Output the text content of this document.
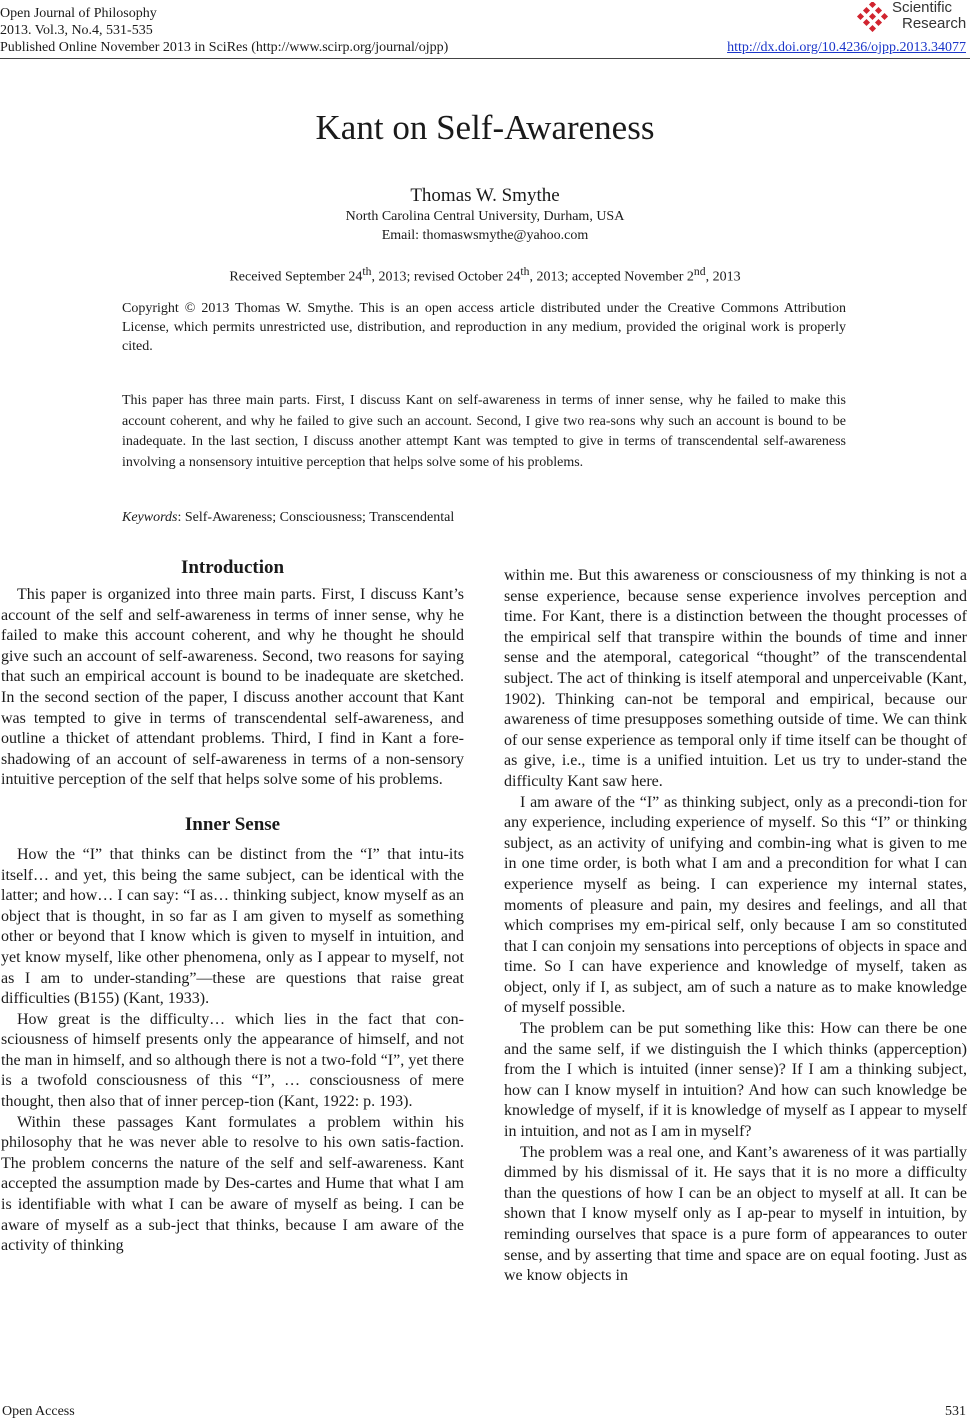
Open Journal of Philosophy
2013. Vol.3, No.4, 531-535
Published Online November 2013 in SciRes (http://www.scirp.org/journal/ojpp)
Scientific
Research
http://dx.doi.org/10.4236/ojpp.2013.34077
Kant on Self-Awareness
Thomas W. Smythe
North Carolina Central University, Durham, USA
Email: thomaswsmythe@yahoo.com
Received September 24th, 2013; revised October 24th, 2013; accepted November 2nd, 2013
Copyright © 2013 Thomas W. Smythe. This is an open access article distributed under the Creative Commons Attribution License, which permits unrestricted use, distribution, and reproduction in any medium, provided the original work is properly cited.
This paper has three main parts. First, I discuss Kant on self-awareness in terms of inner sense, why he failed to make this account coherent, and why he failed to give such an account. Second, I give two rea-sons why such an account is bound to be inadequate. In the last section, I discuss another attempt Kant was tempted to give in terms of transcendental self-awareness involving a nonsensory intuitive perception that helps solve some of his problems.
Keywords: Self-Awareness; Consciousness; Transcendental
Introduction

This paper is organized into three main parts. First, I discuss Kant’s account of the self and self-awareness in terms of inner sense, why he failed to make this account coherent, and why he thought he should give such an account of self-awareness. Second, two reasons for saying that such an empirical account is bound to be inadequate are sketched. In the second section of the paper, I discuss another account that Kant was tempted to give in terms of transcendental self-awareness, and outline a thicket of attendant problems. Third, I find in Kant a fore-shadowing of an account of self-awareness in terms of a non-sensory intuitive perception of the self that helps solve some of his problems.

Inner Sense

How the “I” that thinks can be distinct from the “I” that intu-its itself… and yet, this being the same subject, can be identical with the latter; and how… I can say: “I as… thinking subject, know myself as an object that is thought, in so far as I am given to myself as something other or beyond that I know which is given to myself in intuition, and yet know myself, like other phenomena, only as I appear to myself, not as I am to under-standing”—these are questions that raise great difficulties (B155) (Kant, 1933).

How great is the difficulty… which lies in the fact that con-sciousness of himself presents only the appearance of himself, and not the man in himself, and so although there is not a two-fold “I”, yet there is a twofold consciousness of this “I”, … consciousness of mere thought, then also that of inner percep-tion (Kant, 1922: p. 193).

Within these passages Kant formulates a problem within his philosophy that he was never able to resolve to his own satis-faction. The problem concerns the nature of the self and self-awareness. Kant accepted the assumption made by Des-cartes and Hume that what I am is identifiable with what I can be aware of myself as being. I can be aware of myself as a sub-ject that thinks, because I am aware of the activity of thinking

within me. But this awareness or consciousness of my thinking is not a sense experience, because sense experience involves perception and time. For Kant, there is a distinction between the thought processes of the empirical self that transpire within the bounds of time and inner sense and the atemporal, categorical “thought” of the transcendental subject. The act of thinking is itself atemporal and unperceivable (Kant, 1902). Thinking can-not be temporal and empirical, because our awareness of time presupposes something outside of time. We can think of our sense experience as temporal only if time itself can be thought of as give, i.e., time is a unified intuition. Let us try to under-stand the difficulty Kant saw here.

I am aware of the “I” as thinking subject, only as a precondi-tion for any experience, including experience of myself. So this “I” or thinking subject, as an activity of unifying and combin-ing what is given to me in one time order, is both what I am and a precondition for what I can experience myself as being. I can experience my internal states, moments of pleasure and pain, my desires and feelings, and all that which comprises my em-pirical self, only because I am so constituted that I can conjoin my sensations into perceptions of objects in space and time. So I can have experience and knowledge of myself, taken as object, only if I, as subject, am of such a nature as to make knowledge of myself possible.

The problem can be put something like this: How can there be one and the same self, if we distinguish the I which thinks (apperception) from the I which is intuited (inner sense)? If I am a thinking subject, how can I know myself in intuition? And how can such knowledge be knowledge of myself, if it is knowledge of myself as I appear to myself in intuition, and not as I am in myself?

The problem was a real one, and Kant’s awareness of it was partially dimmed by his dismissal of it. He says that it is no more a difficulty than the questions of how I can be an object to myself at all. It can be shown that I know myself only as I ap-pear to myself in intuition, by reminding ourselves that space is a pure form of appearances to outer sense, and by asserting that time and space are on equal footing. Just as we know objects in

Open Access	531
